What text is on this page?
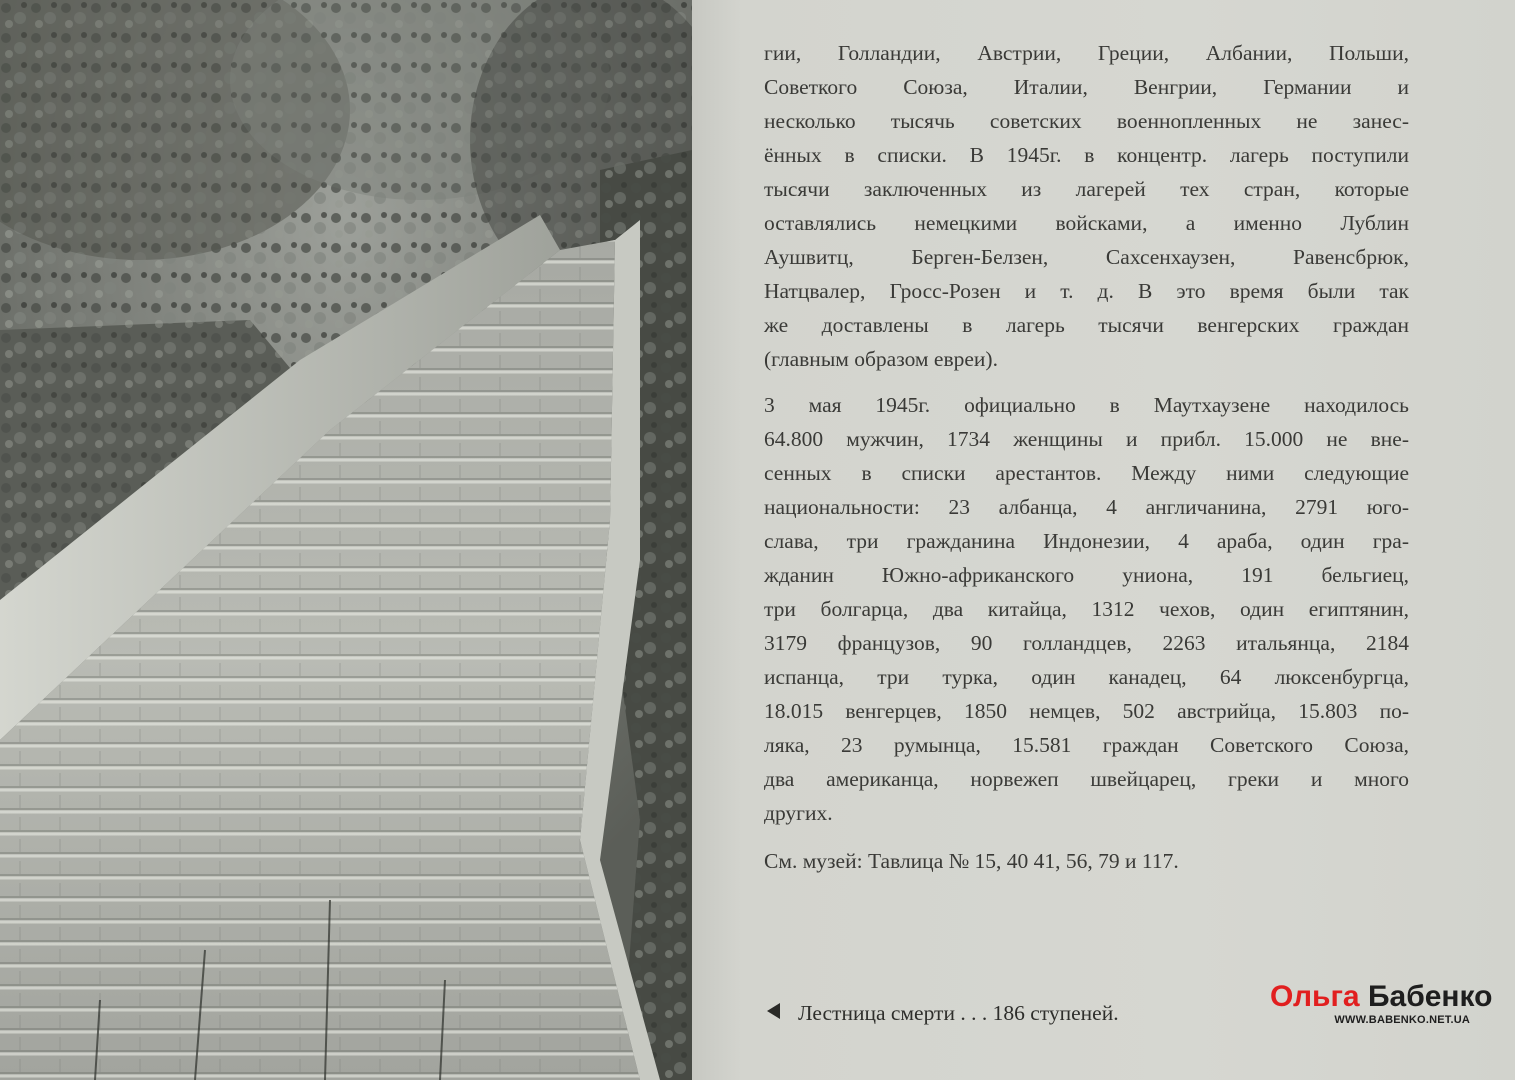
гии, Голландии, Австрии, Греции, Албании, Польши,
Советкого Союза, Италии, Венгрии, Германии и
несколько тысячь советских военнопленных не занес-
ённых в списки. В 1945г. в концентр. лагерь поступили
тысячи заключенных из лагерей тех стран, которые
оставлялись немецкими войсками, а именно Лублин
Аушвитц, Берген-Белзен, Сахсенхаузен, Равенсбрюк,
Натцвалер, Гросс-Розен и т. д. В это время были так
же доставлены в лагерь тысячи венгерских граждан
(главным образом евреи).

3 мая 1945г. официально в Маутхаузене находилось
64.800 мужчин, 1734 женщины и прибл. 15.000 не вне-
сенных в списки арестантов. Между ними следующие
национальности: 23 албанца, 4 англичанина, 2791 юго-
слава, три гражданина Индонезии, 4 араба, один гра-
жданин Южно-африканского униона, 191 бельгиец,
три болгарца, два китайца, 1312 чехов, один египтянин,
3179 французов, 90 голландцев, 2263 итальянца, 2184
испанца, три турка, один канадец, 64 люксенбургца,
18.015 венгерцев, 1850 немцев, 502 австрийца, 15.803 по-
ляка, 23 румынца, 15.581 граждан Советского Союза,
два американца, норвежеп швейцарец, греки и много
других.

См. музей: Тавлица № 15, 40 41, 56, 79 и 117.

Лестница смерти . . . 186 ступеней.	Ольга Бабенко
WWW.BABENKO.NET.UA
